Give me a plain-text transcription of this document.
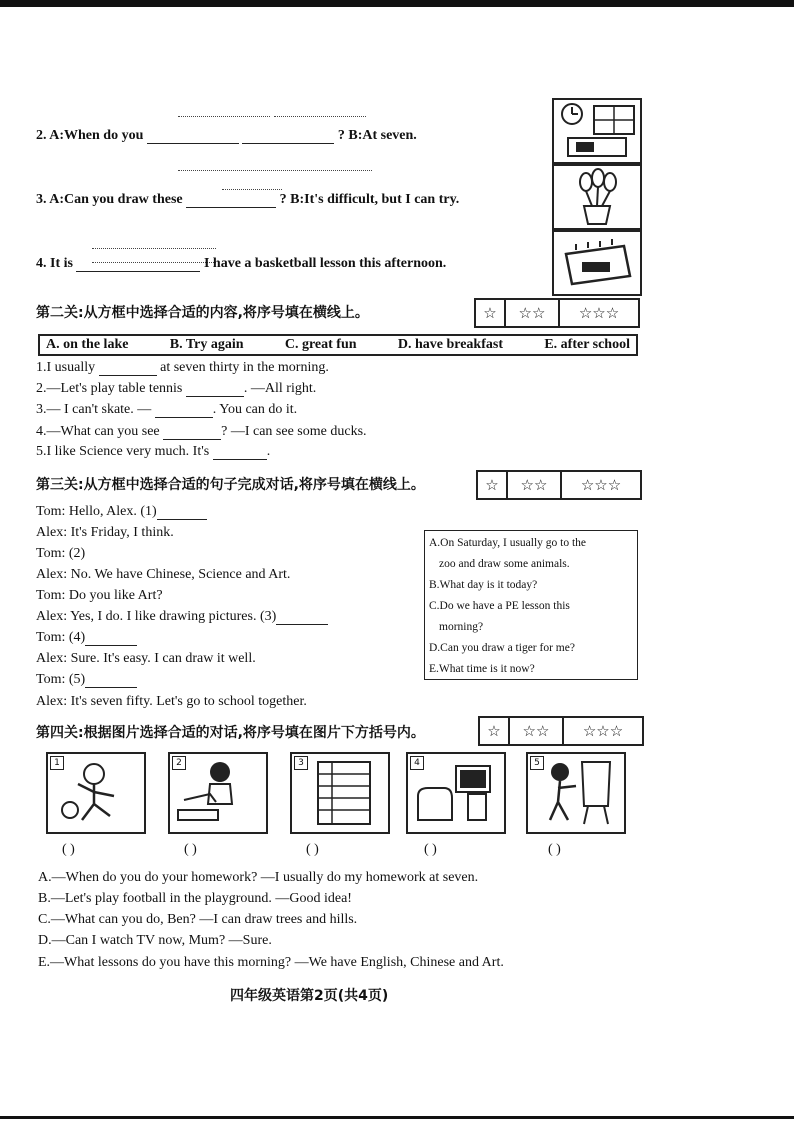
2. A:When do you	? B:At seven.
3. A:Can you draw these	? B:It's difficult, but I can try.
4. It is	I have a basketball lesson this afternoon.
第二关:从方框中选择合适的内容,将序号填在横线上。	☆	☆☆	☆☆☆
A. on the lake	B. Try again	C. great fun	D. have breakfast	E. after school
1.I usually	at seven thirty in the morning.
2.—Let's play table tennis	. —All right.
3.— I can't skate. —	. You can do it.
4.—What can you see	? —I can see some ducks.
5.I like Science very much. It's	.
第三关:从方框中选择合适的句子完成对话,将序号填在横线上。	☆	☆☆	☆☆☆
Tom: Hello, Alex. (1)
Alex: It's Friday, I think.
Tom: (2)
Alex: No. We have Chinese, Science and Art.
Tom: Do you like Art?
Alex: Yes, I do. I like drawing pictures. (3)
Tom: (4)
Alex: Sure. It's easy. I can draw it well.
Tom: (5)
Alex: It's seven fifty. Let's go to school together.
A.On Saturday, I usually go to the
zoo and draw some animals.
B.What day is it today?
C.Do we have a PE lesson this
morning?
D.Can you draw a tiger for me?
E.What time is it now?
第四关:根据图片选择合适的对话,将序号填在图片下方括号内。	☆	☆☆	☆☆☆
1	2	3	4	5
( )	( )	( )	( )	( )
A.—When do you do your homework? —I usually do my homework at seven.
B.—Let's play football in the playground. —Good idea!
C.—What can you do, Ben? —I can draw trees and hills.
D.—Can I watch TV now, Mum? —Sure.
E.—What lessons do you have this morning? —We have English, Chinese and Art.
四年级英语第2页(共4页)
